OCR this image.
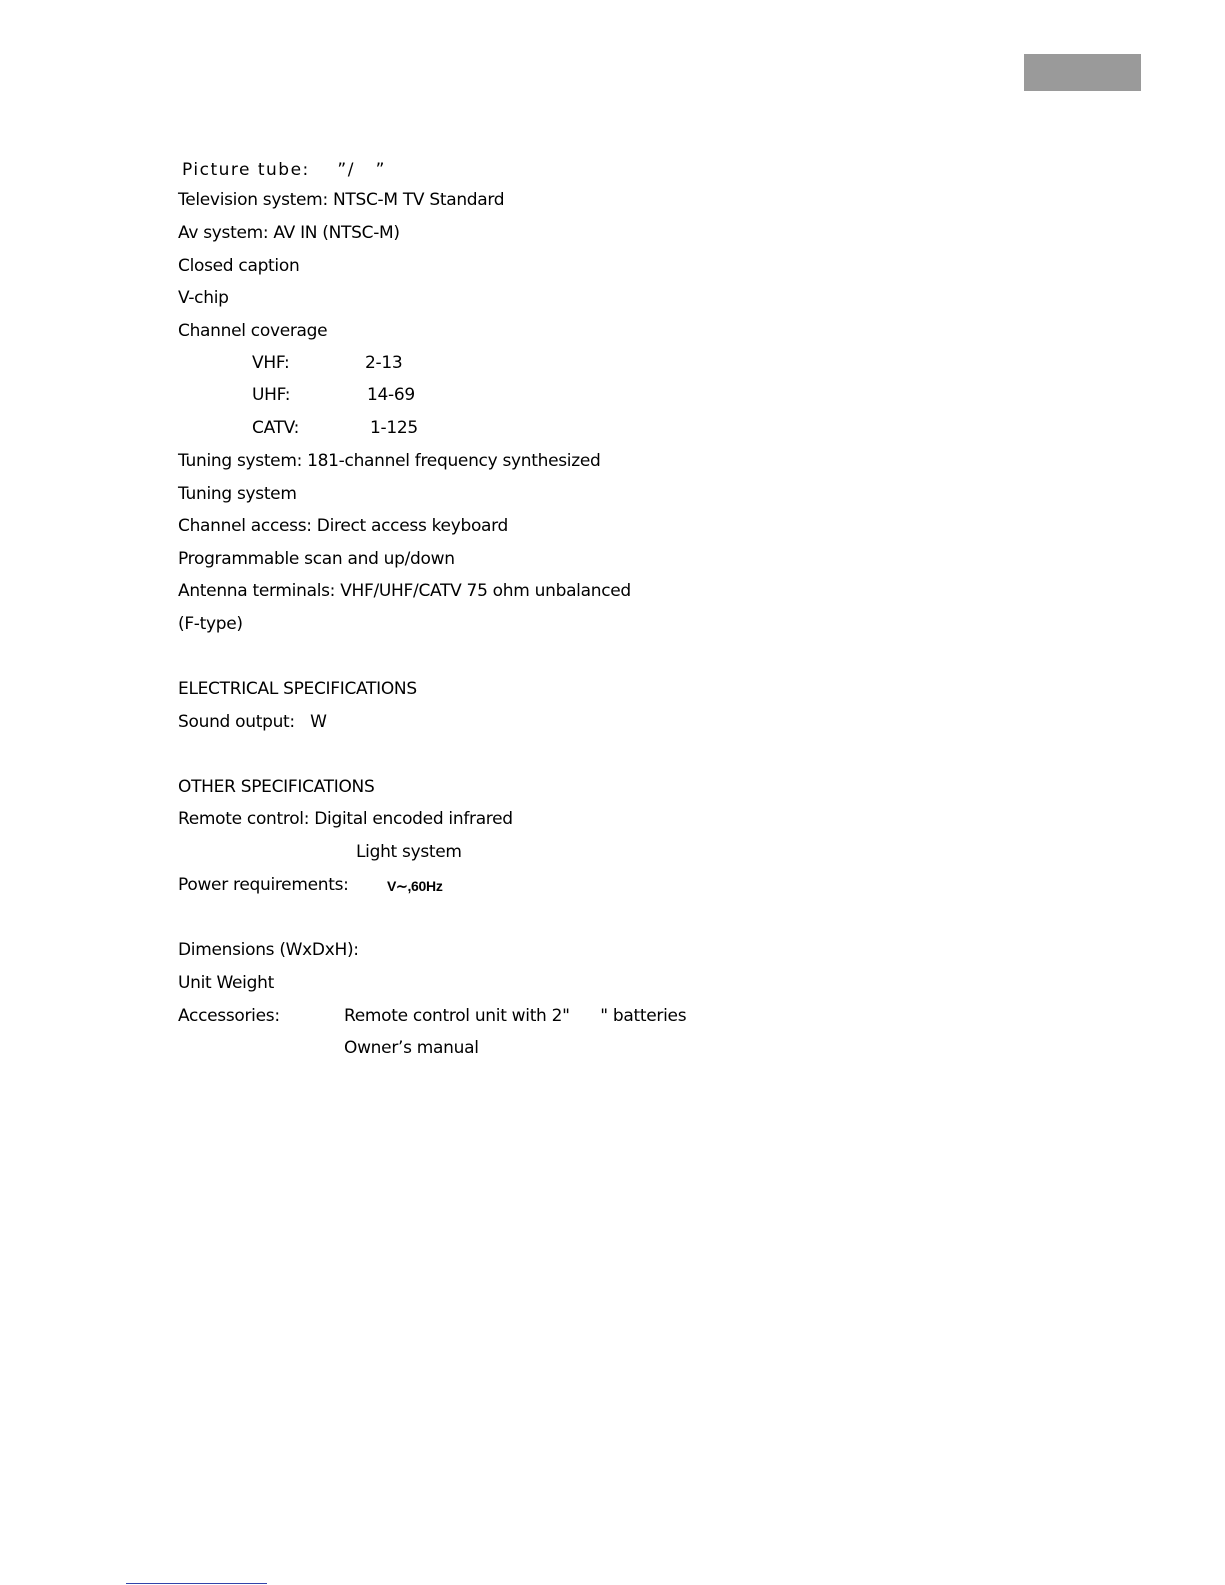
Picture tube:    ”/   ”
Television system: NTSC-M TV Standard
Av system: AV IN (NTSC-M)
Closed caption
V-chip
Channel coverage
VHF:	2-13
UHF:	14-69
CATV:	1-125
Tuning system: 181-channel frequency synthesized
Tuning system
Channel access: Direct access keyboard
Programmable scan and up/down
Antenna terminals: VHF/UHF/CATV 75 ohm unbalanced
(F-type)
ELECTRICAL SPECIFICATIONS
Sound output:   W
OTHER SPECIFICATIONS
Remote control: Digital encoded infrared
Light system
Power requirements:	V∼,60Hz
Dimensions (WxDxH):
Unit Weight
Accessories:	Remote control unit with 2"      " batteries
Owner’s manual
